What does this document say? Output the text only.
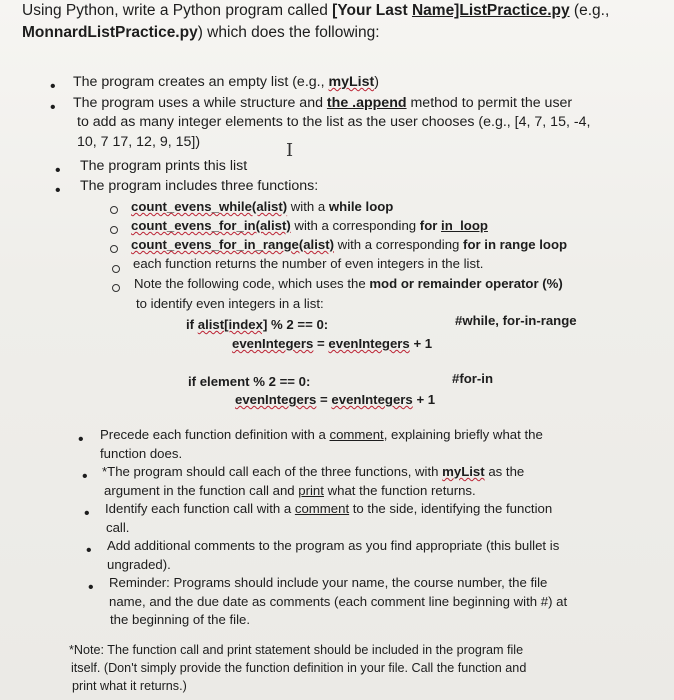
Using Python, write a Python program called [Your Last Name]ListPractice.py (e.g.,
MonnardListPractice.py) which does the following:
• The program creates an empty list (e.g., myList)
• The program uses a while structure and the .append method to permit the user
to add as many integer elements to the list as the user chooses (e.g., [4, 7, 15, -4,
10, 7 17, 12, 9, 15])	I
• The program prints this list
• The program includes three functions:
count_evens_while(alist) with a while loop
count_evens_for_in(alist) with a corresponding for in_loop
count_evens_for_in_range(alist) with a corresponding for in range loop
each function returns the number of even integers in the list.
Note the following code, which uses the mod or remainder operator (%)
to identify even integers in a list:
if alist[index] % 2 == 0:	#while, for-in-range
evenIntegers = evenIntegers + 1
if element % 2 == 0:	#for-in
evenIntegers = evenIntegers + 1
• Precede each function definition with a comment, explaining briefly what the
function does.
• *The program should call each of the three functions, with myList as the
argument in the function call and print what the function returns.
• Identify each function call with a comment to the side, identifying the function
call.
• Add additional comments to the program as you find appropriate (this bullet is
ungraded).
• Reminder: Programs should include your name, the course number, the file
name, and the due date as comments (each comment line beginning with #) at
the beginning of the file.
*Note: The function call and print statement should be included in the program file
itself. (Don't simply provide the function definition in your file. Call the function and
print what it returns.)
